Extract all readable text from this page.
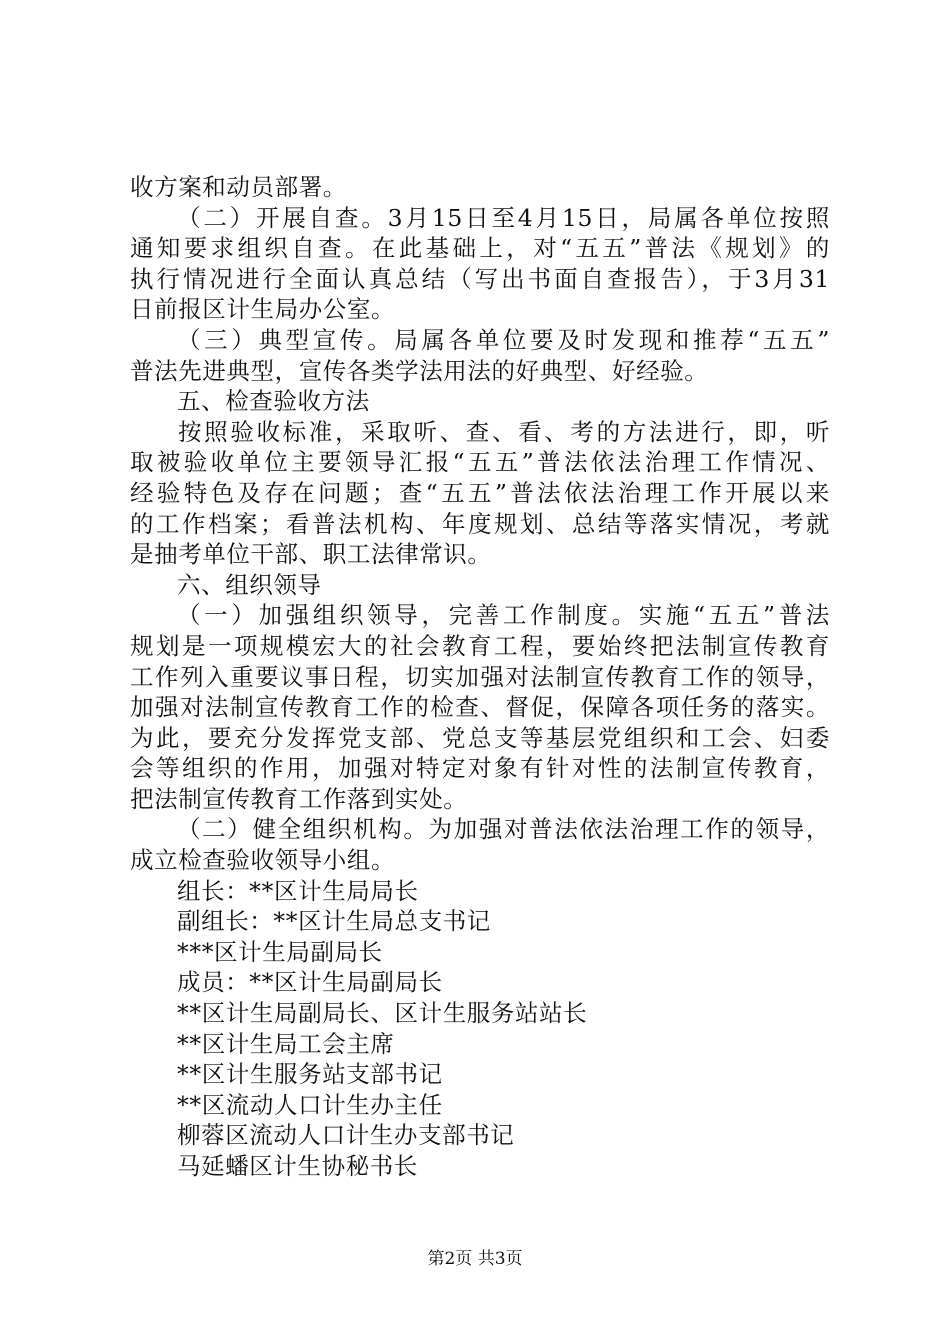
收方案和动员部署。
（二）开展自查。3月15日至4月15日，局属各单位按照
通知要求组织自查。在此基础上，对“五五”普法《规划》的
执行情况进行全面认真总结（写出书面自查报告），于3月31
日前报区计生局办公室。
（三）典型宣传。局属各单位要及时发现和推荐“五五”
普法先进典型，宣传各类学法用法的好典型、好经验。
五、检查验收方法
按照验收标准，采取听、查、看、考的方法进行，即，听
取被验收单位主要领导汇报“五五”普法依法治理工作情况、
经验特色及存在问题；查“五五”普法依法治理工作开展以来
的工作档案；看普法机构、年度规划、总结等落实情况，考就
是抽考单位干部、职工法律常识。
六、组织领导
（一）加强组织领导，完善工作制度。实施“五五”普法
规划是一项规模宏大的社会教育工程，要始终把法制宣传教育
工作列入重要议事日程，切实加强对法制宣传教育工作的领导，
加强对法制宣传教育工作的检查、督促，保障各项任务的落实。
为此，要充分发挥党支部、党总支等基层党组织和工会、妇委
会等组织的作用，加强对特定对象有针对性的法制宣传教育，
把法制宣传教育工作落到实处。
（二）健全组织机构。为加强对普法依法治理工作的领导，
成立检查验收领导小组。
组长：**区计生局局长
副组长：**区计生局总支书记
***区计生局副局长
成员：**区计生局副局长
**区计生局副局长、区计生服务站站长
**区计生局工会主席
**区计生服务站支部书记
**区流动人口计生办主任
柳蓉区流动人口计生办支部书记
马延蟠区计生协秘书长
第2页 共3页
